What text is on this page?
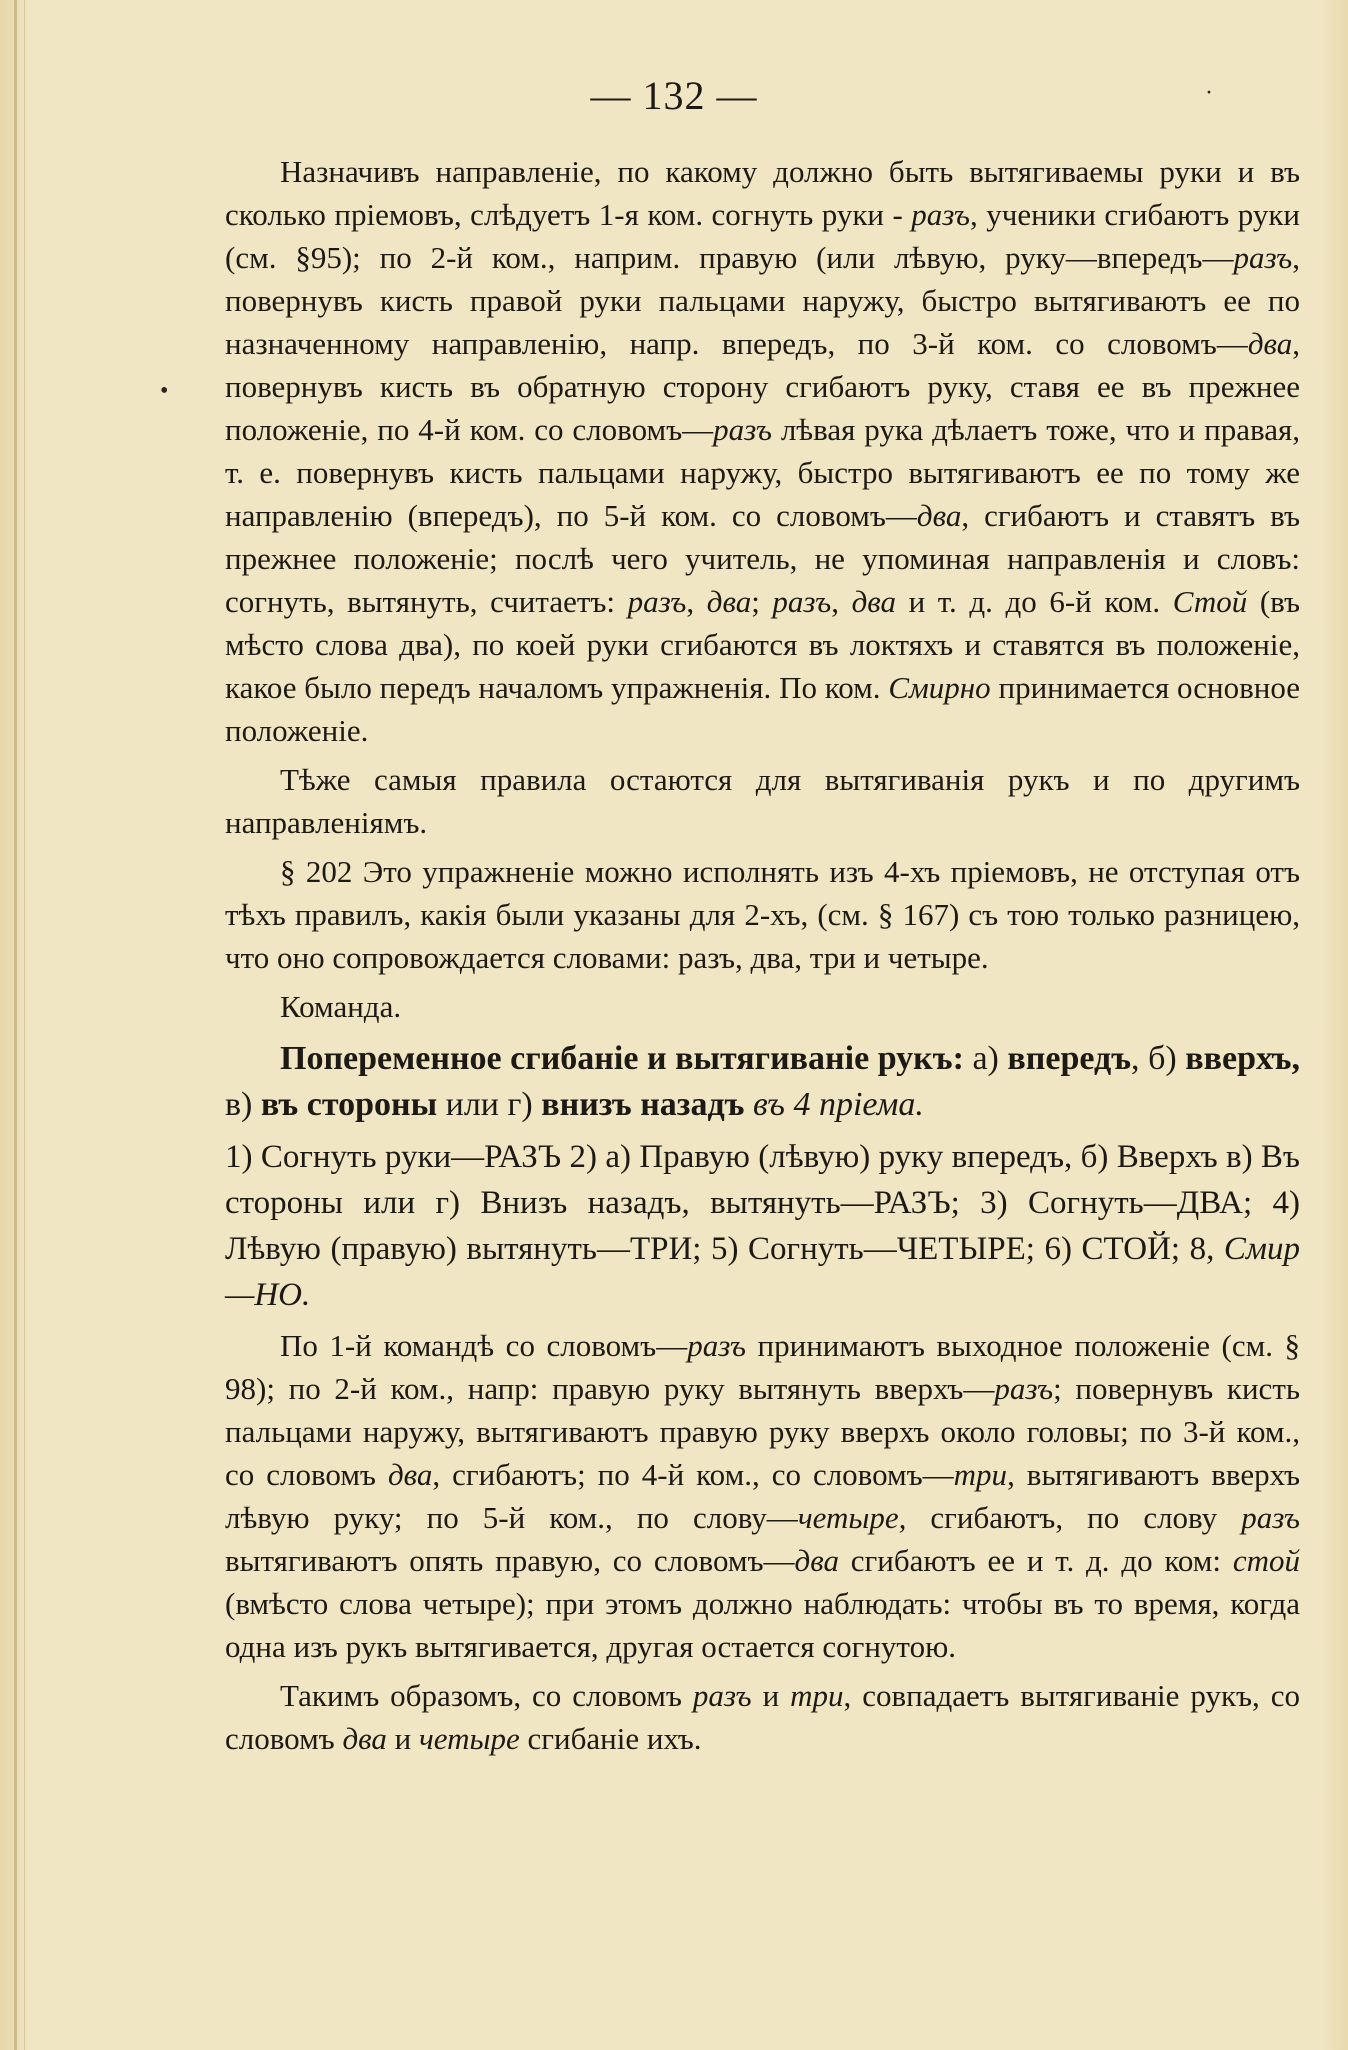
·
•
— 132 —

Назначивъ направленіе, по какому должно быть вытягиваемы руки и въ сколько пріемовъ, слѣдуетъ 1-я ком. согнуть руки - разъ, ученики сгибаютъ руки (см. §95); по 2-й ком., наприм. правую (или лѣвую, руку—впередъ—разъ, повернувъ кисть правой руки пальцами наружу, быстро вытягиваютъ ее по назначенному направленію, напр. впередъ, по 3-й ком. со словомъ—два, повернувъ кисть въ обратную сторону сгибаютъ руку, ставя ее въ прежнее положеніе, по 4-й ком. со словомъ—разъ лѣвая рука дѣлаетъ тоже, что и правая, т. е. повернувъ кисть пальцами наружу, быстро вытягиваютъ ее по тому же направленію (впередъ), по 5-й ком. со словомъ—два, сгибаютъ и ставятъ въ прежнее положеніе; послѣ чего учитель, не упоминая направленія и словъ: согнуть, вытянуть, считаетъ: разъ, два; разъ, два и т. д. до 6-й ком. Стой (въ мѣсто слова два), по коей руки сгибаются въ локтяхъ и ставятся въ положеніе, какое было передъ началомъ упражненія. По ком. Смирно принимается основное положеніе.

Тѣже самыя правила остаются для вытягиванія рукъ и по другимъ направленіямъ.

§ 202 Это упражненіе можно исполнять изъ 4-хъ пріемовъ, не отступая отъ тѣхъ правилъ, какія были указаны для 2-хъ, (см. § 167) съ тою только разницею, что оно сопровождается словами: разъ, два, три и четыре.

Команда.

Попеременное сгибаніе и вытягиваніе рукъ: а) впередъ, б) вверхъ, в) въ стороны или г) внизъ назадъ въ 4 пріема.

1) Согнуть руки—РАЗЪ 2) а) Правую (лѣвую) руку впередъ, б) Вверхъ в) Въ стороны или г) Внизъ назадъ, вытянуть—РАЗЪ; 3) Согнуть—ДВА; 4) Лѣвую (правую) вытянуть—ТРИ; 5) Согнуть—ЧЕТЫРЕ; 6) СТОЙ; 8, Смир—НО.

По 1-й командѣ со словомъ—разъ принимаютъ выходное положеніе (см. § 98); по 2-й ком., напр: правую руку вытянуть вверхъ—разъ; повернувъ кисть пальцами наружу, вытягиваютъ правую руку вверхъ около головы; по 3-й ком., со словомъ два, сгибаютъ; по 4-й ком., со словомъ—три, вытягиваютъ вверхъ лѣвую руку; по 5-й ком., по слову—четыре, сгибаютъ, по слову разъ вытягиваютъ опять правую, со словомъ—два сгибаютъ ее и т. д. до ком: стой (вмѣсто слова четыре); при этомъ должно наблюдать: чтобы въ то время, когда одна изъ рукъ вытягивается, другая остается согнутою.

Такимъ образомъ, со словомъ разъ и три, совпадаетъ вытягиваніе рукъ, со словомъ два и четыре сгибаніе ихъ.
